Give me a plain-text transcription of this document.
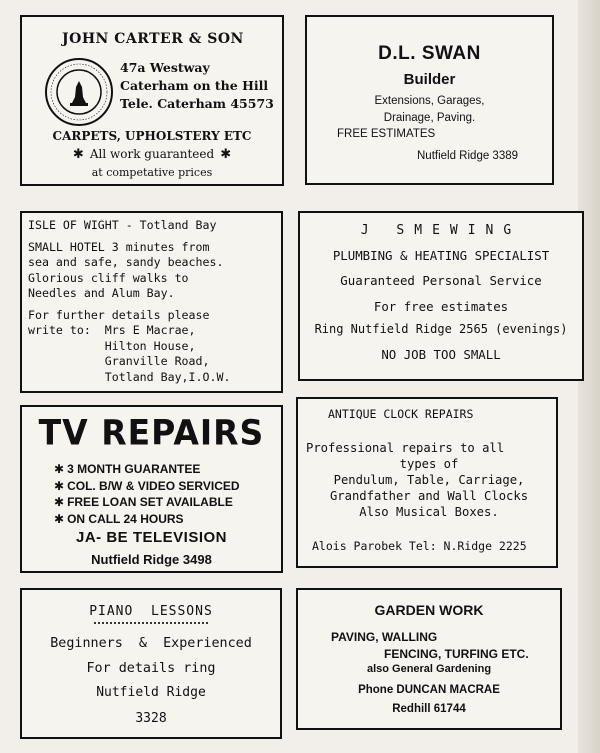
JOHN CARTER & SON
47a Westway
Caterham on the Hill
Tele. Caterham 45573
CARPETS, UPHOLSTERY ETC
✱ All work guaranteed ✱
at competative prices
D.L. SWAN
Builder
Extensions, Garages,
Drainage, Paving.
FREE ESTIMATES
Nutfield Ridge 3389
ISLE OF WIGHT - Totland Bay
SMALL HOTEL 3 minutes from
sea and safe, sandy beaches.
Glorious cliff walks to
Needles and Alum Bay.
For further details please
write to:  Mrs E Macrae,
Hilton House,
Granville Road,
Totland Bay,I.O.W.
J SMEWING
PLUMBING & HEATING SPECIALIST
Guaranteed Personal Service
For free estimates
Ring Nutfield Ridge 2565 (evenings)
NO JOB TOO SMALL
TV REPAIRS
✱ 3 MONTH GUARANTEE
✱ COL. B/W & VIDEO SERVICED
✱ FREE LOAN SET AVAILABLE
✱ ON CALL 24 HOURS
JA- BE TELEVISION
Nutfield Ridge 3498
ANTIQUE CLOCK REPAIRS
Professional repairs to all
types of
Pendulum, Table, Carriage,
Grandfather and Wall Clocks
Also Musical Boxes.
Alois Parobek Tel: N.Ridge 2225
PIANO  LESSONS
Beginners  &  Experienced
For details ring
Nutfield Ridge
3328
GARDEN WORK
PAVING, WALLING
FENCING, TURFING ETC.
also General Gardening
Phone DUNCAN MACRAE
Redhill 61744
